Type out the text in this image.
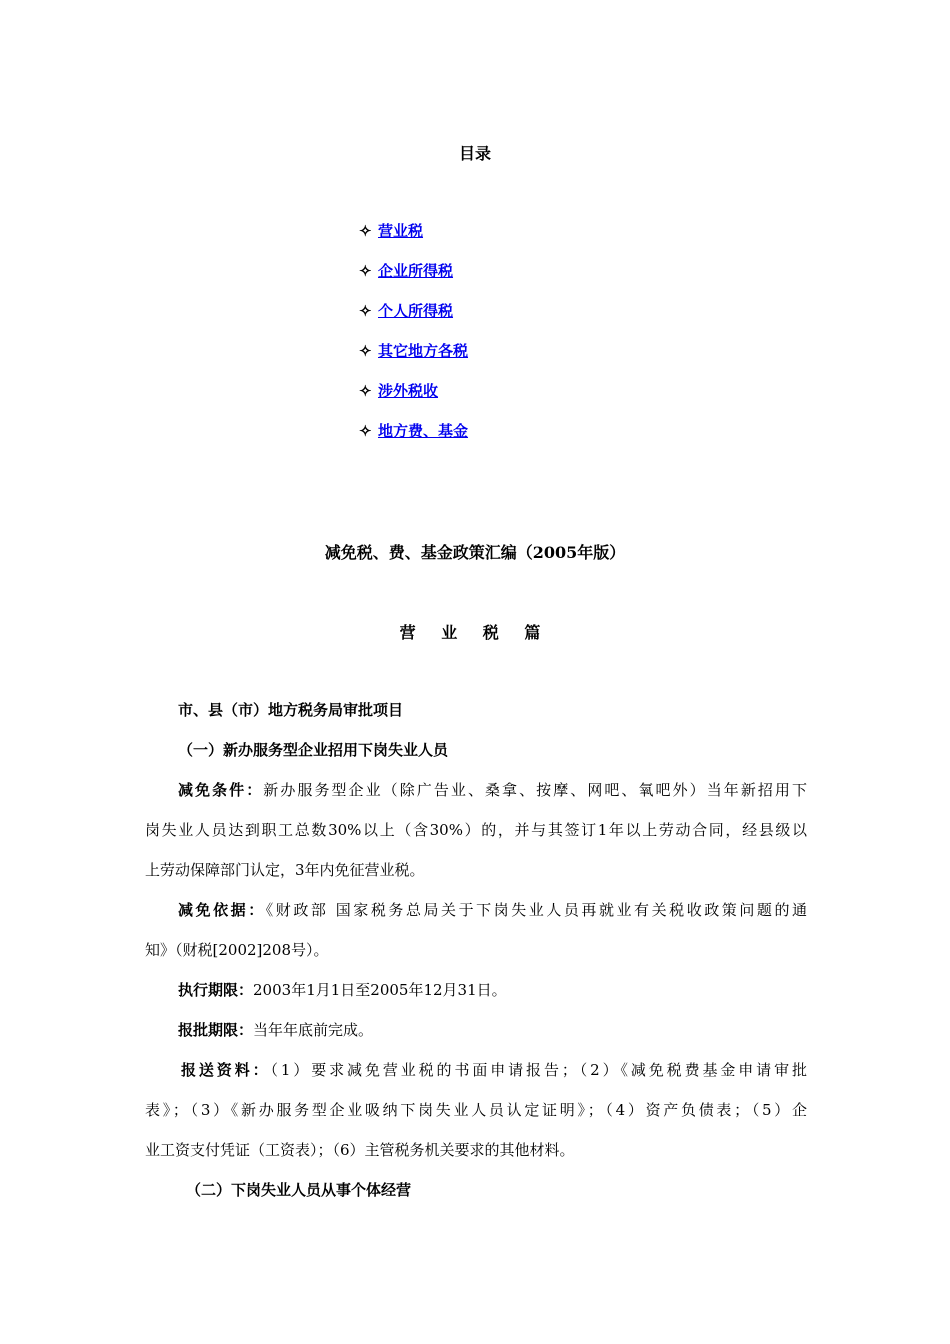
目录
✧ 营业税
✧ 企业所得税
✧ 个人所得税
✧ 其它地方各税
✧ 涉外税收
✧ 地方费、基金
减免税、费、基金政策汇编（2005年版）
营 业 税 篇
市、县（市）地方税务局审批项目
（一）新办服务型企业招用下岗失业人员
减免条件：新办服务型企业（除广告业、桑拿、按摩、网吧、氧吧外）当年新招用下
岗失业人员达到职工总数30%以上（含30%）的，并与其签订1年以上劳动合同，经县级以
上劳动保障部门认定，3年内免征营业税。
减免依据：《财政部 国家税务总局关于下岗失业人员再就业有关税收政策问题的通
知》（财税[2002]208号）。
执行期限：2003年1月1日至2005年12月31日。
报批期限：当年年底前完成。
报送资料：（1）要求减免营业税的书面申请报告；（2）《减免税费基金申请审批
表》；（3）《新办服务型企业吸纳下岗失业人员认定证明》；（4）资产负债表；（5）企
业工资支付凭证（工资表）；（6）主管税务机关要求的其他材料。
（二）下岗失业人员从事个体经营
